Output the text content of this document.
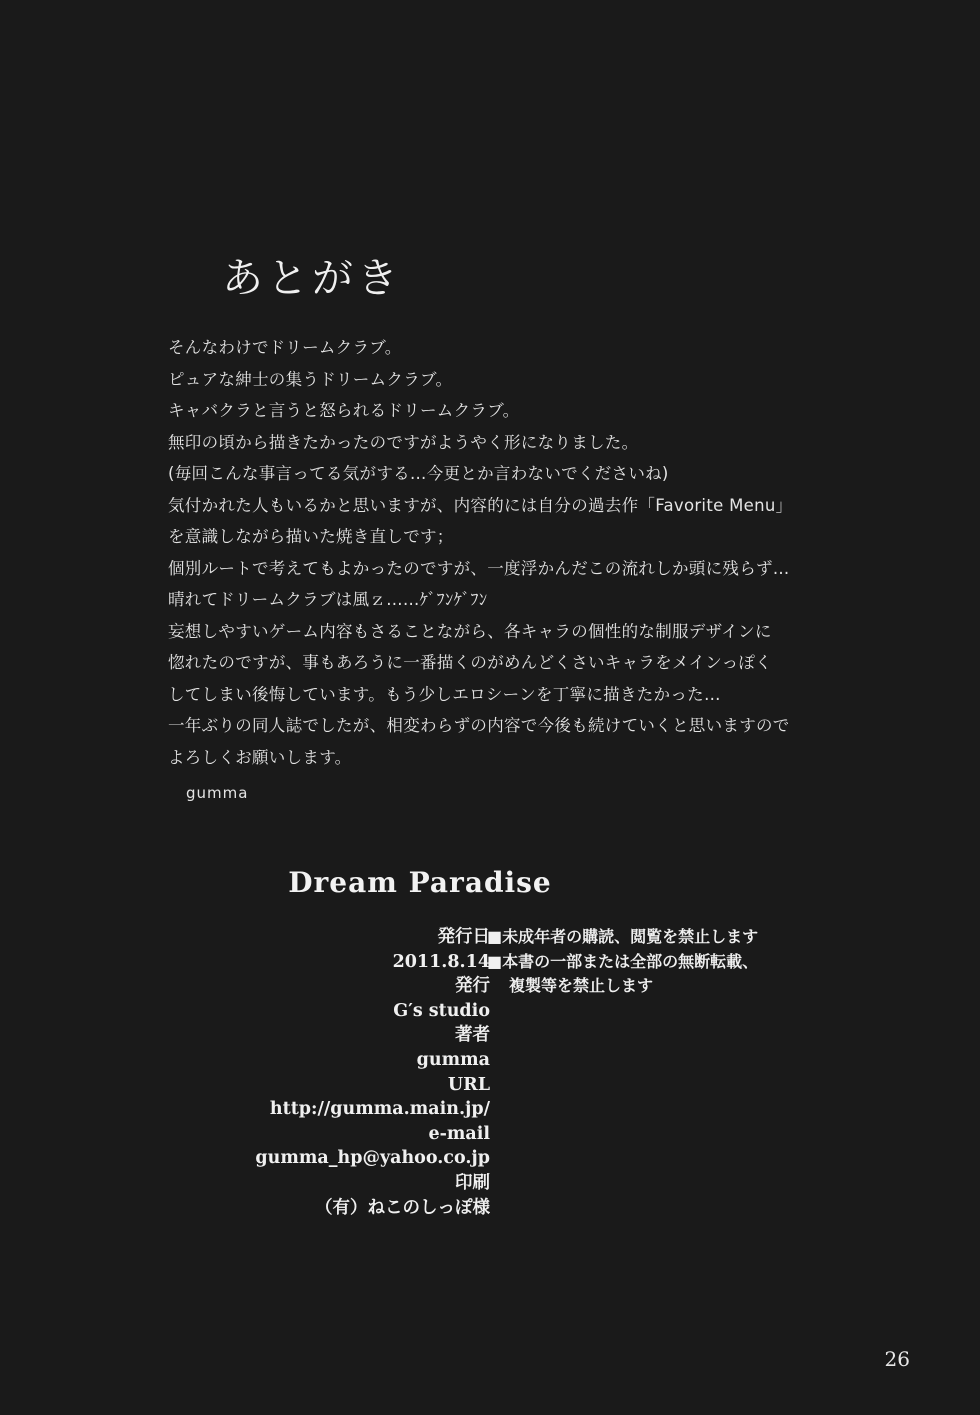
あとがき

そんなわけでドリームクラブ。

ピュアな紳士の集うドリームクラブ。

キャバクラと言うと怒られるドリームクラブ。

無印の頃から描きたかったのですがようやく形になりました。

(毎回こんな事言ってる気がする…今更とか言わないでくださいね)

気付かれた人もいるかと思いますが、内容的には自分の過去作「Favorite Menu」

を意識しながら描いた焼き直しです；

個別ルートで考えてもよかったのですが、一度浮かんだこの流れしか頭に残らず…

晴れてドリームクラブは風ｚ……ｹﾞﾌﾝｹﾞﾌﾝ

妄想しやすいゲーム内容もさることながら、各キャラの個性的な制服デザインに

惚れたのですが、事もあろうに一番描くのがめんどくさいキャラをメインっぽく

してしまい後悔しています。もう少しエロシーンを丁寧に描きたかった…

一年ぶりの同人誌でしたが、相変わらずの内容で今後も続けていくと思いますので

よろしくお願いします。

gumma

Dream Paradise
発行日
2011.8.14
発行
G′s studio
著者
gumma
URL
http://gumma.main.jp/
e-mail
gumma_hp@yahoo.co.jp
印刷
（有）ねこのしっぽ様
■未成年者の購読、閲覧を禁止します
■本書の一部または全部の無断転載、
複製等を禁止します
26
